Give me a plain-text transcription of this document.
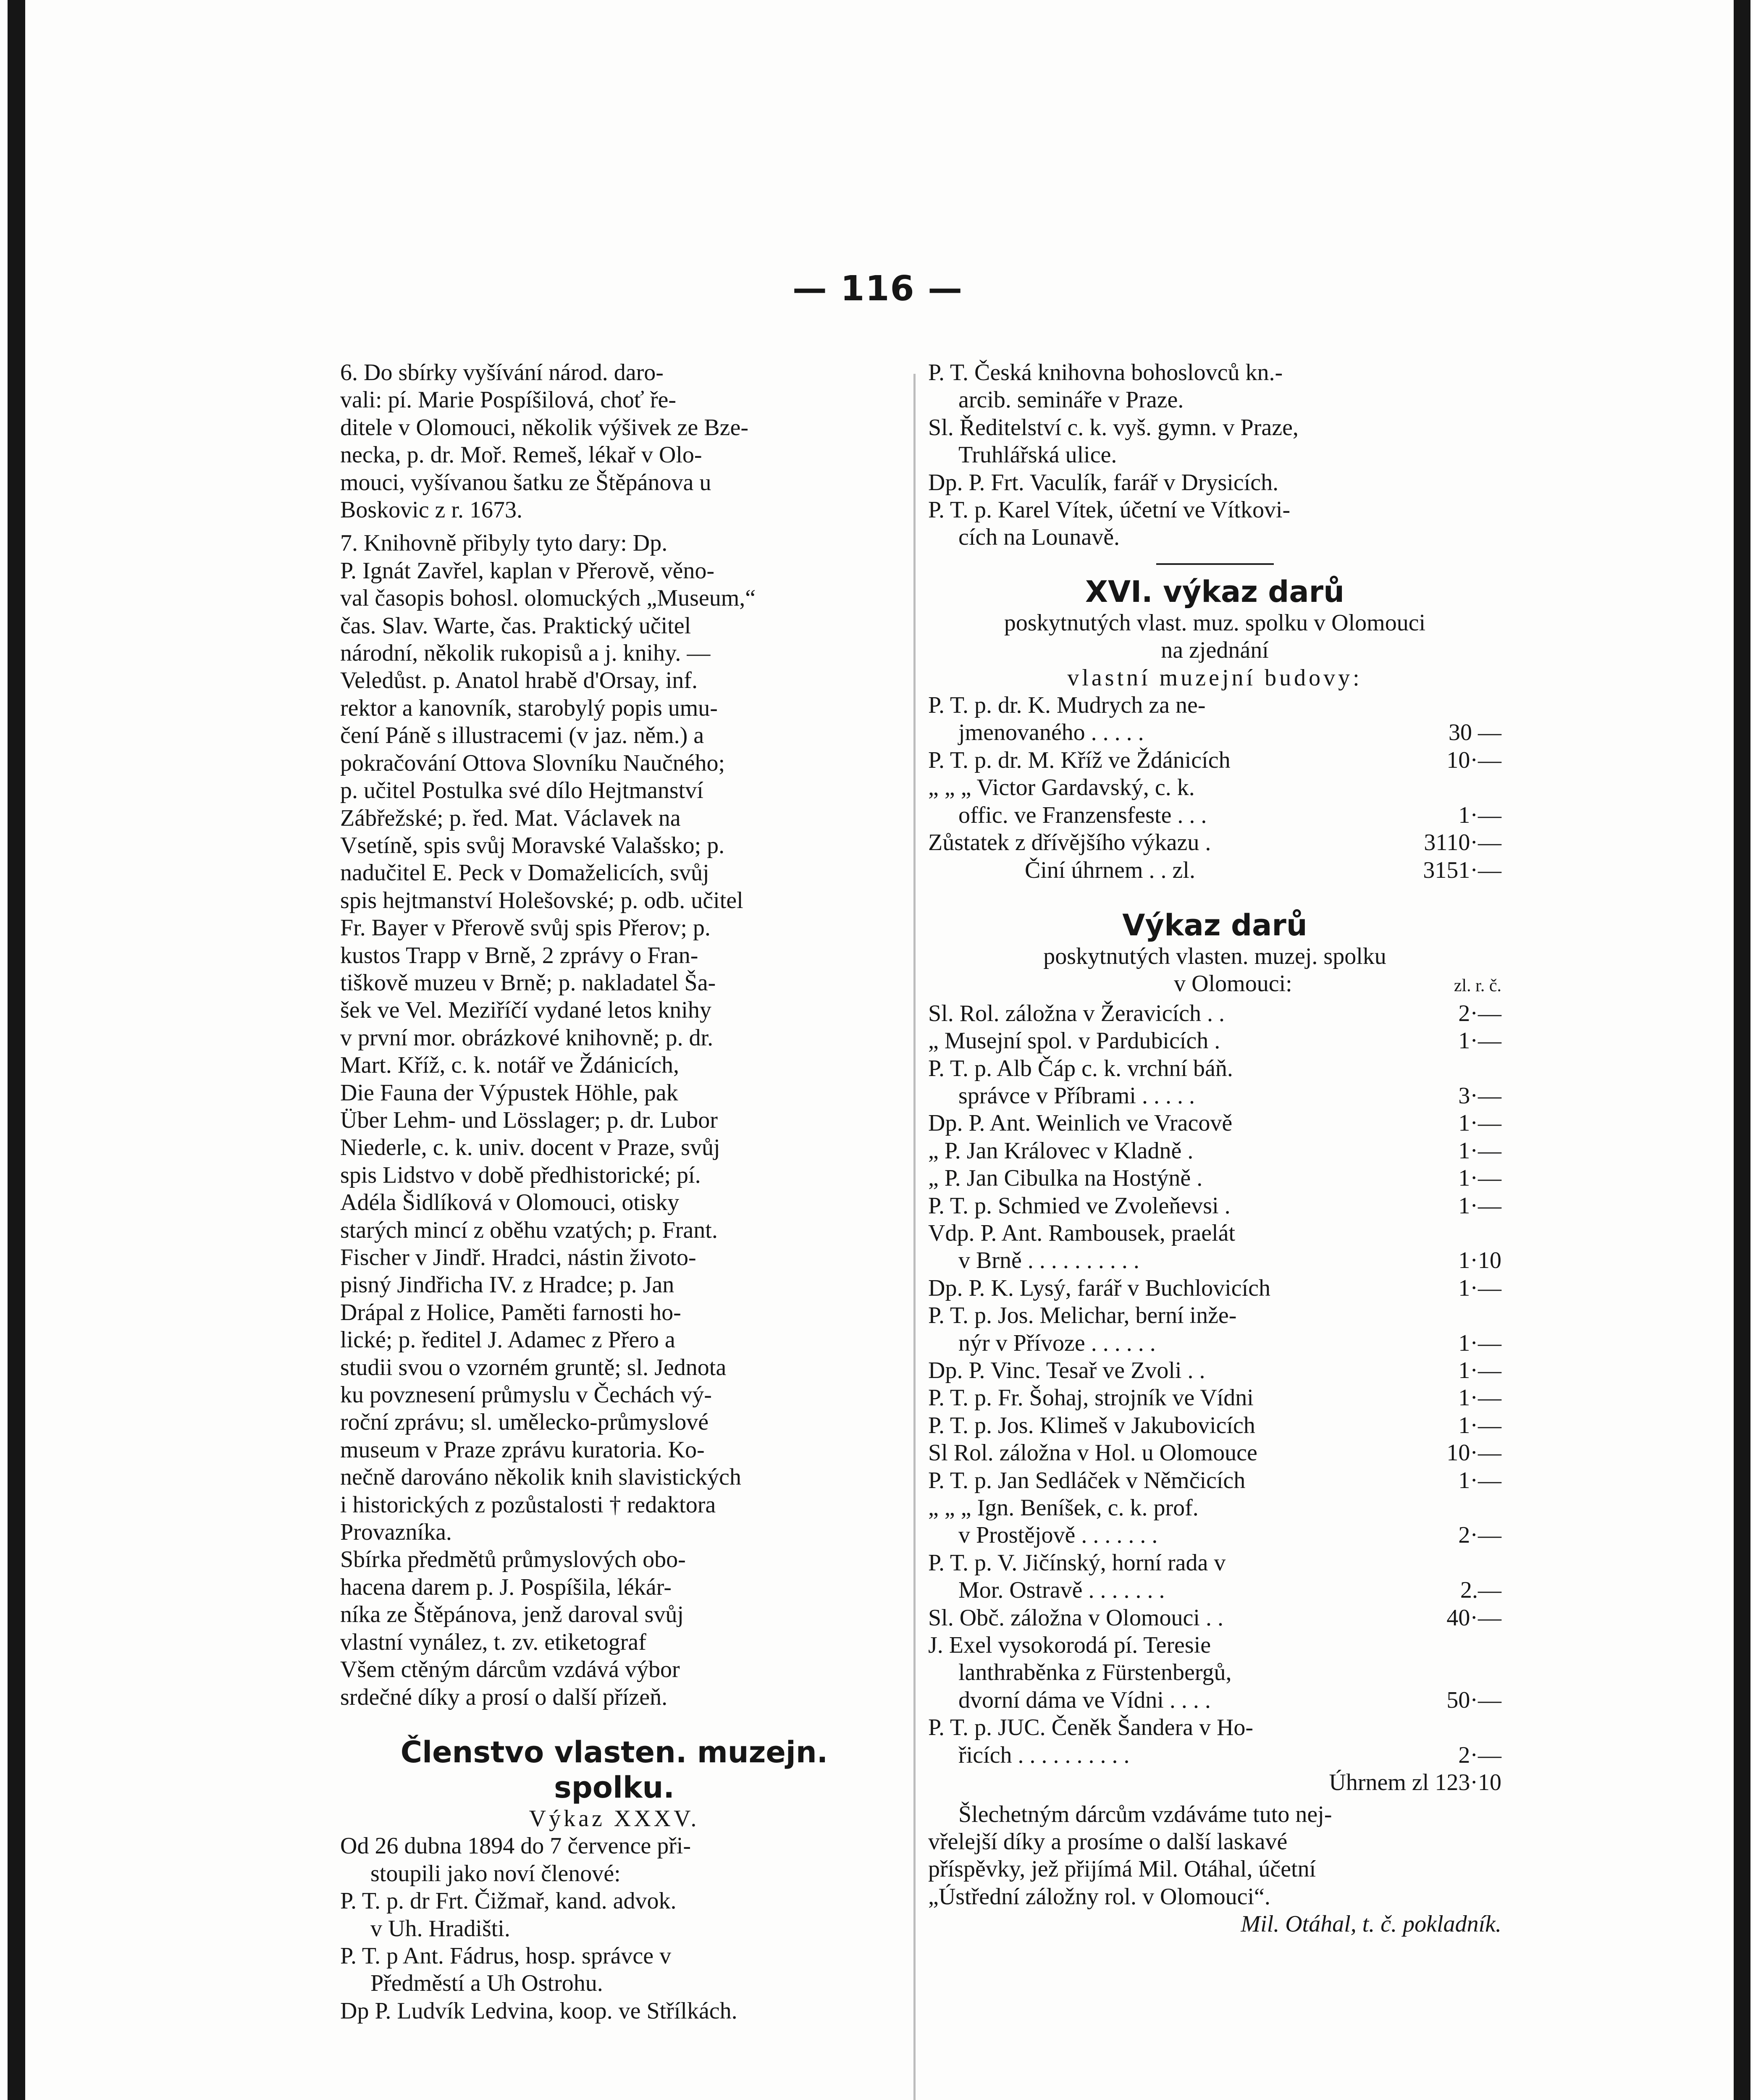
— 116 —
6. Do sbírky vyšívání národ. daro-
vali: pí. Marie Pospíšilová, choť ře-
ditele v Olomouci, několik výšivek ze Bze-
necka, p. dr. Moř. Remeš, lékař v Olo-
mouci, vyšívanou šatku ze Štěpánova u
Boskovic z r. 1673.
7. Knihovně přibyly tyto dary: Dp.
P. Ignát Zavřel, kaplan v Přerově, věno-
val časopis bohosl. olomuckých „Museum,“
čas. Slav. Warte, čas. Praktický učitel
národní, několik rukopisů a j. knihy. —
Veledůst. p. Anatol hrabě d'Orsay, inf.
rektor a kanovník, starobylý popis umu-
čení Páně s illustracemi (v jaz. něm.) a
pokračování Ottova Slovníku Naučného;
p. učitel Postulka své dílo Hejtmanství
Zábřežské; p. řed. Mat. Václavek na
Vsetíně, spis svůj Moravské Valašsko; p.
nadučitel E. Peck v Domaželicích, svůj
spis hejtmanství Holešovské; p. odb. učitel
Fr. Bayer v Přerově svůj spis Přerov; p.
kustos Trapp v Brně, 2 zprávy o Fran-
tiškově muzeu v Brně; p. nakladatel Ša-
šek ve Vel. Meziříčí vydané letos knihy
v první mor. obrázkové knihovně; p. dr.
Mart. Kříž, c. k. notář ve Ždánicích,
Die Fauna der Výpustek Höhle, pak
Über Lehm- und Lösslager; p. dr. Lubor
Niederle, c. k. univ. docent v Praze, svůj
spis Lidstvo v době předhistorické; pí.
Adéla Šidlíková v Olomouci, otisky
starých mincí z oběhu vzatých; p. Frant.
Fischer v Jindř. Hradci, nástin životo-
pisný Jindřicha IV. z Hradce; p. Jan
Drápal z Holice, Paměti farnosti ho-
lické; p. ředitel J. Adamec z Přero a
studii svou o vzorném gruntě; sl. Jednota
ku povznesení průmyslu v Čechách vý-
roční zprávu; sl. umělecko-průmyslové
museum v Praze zprávu kuratoria. Ko-
nečně darováno několik knih slavistických
i historických z pozůstalosti † redaktora
Provazníka.
Sbírka předmětů průmyslových obo-
hacena darem p. J. Pospíšila, lékár-
níka ze Štěpánova, jenž daroval svůj
vlastní vynález, t. zv. etiketograf
Všem ctěným dárcům vzdává výbor
srdečné díky a prosí o další přízeň.
Členstvo vlasten. muzejn. spolku.
Výkaz XXXV.
Od 26 dubna 1894 do 7 července při-
stoupili jako noví členové:
P. T. p. dr Frt. Čižmař, kand. advok.
v Uh. Hradišti.
P. T. p Ant. Fádrus, hosp. správce v
Předměstí a Uh Ostrohu.
Dp P. Ludvík Ledvina, koop. ve Střílkách.
P. T. Česká knihovna bohoslovců kn.-
arcib. semináře v Praze.
Sl. Ředitelství c. k. vyš. gymn. v Praze,
Truhlářská ulice.
Dp. P. Frt. Vaculík, farář v Drysicích.
P. T. p. Karel Vítek, účetní ve Vítkovi-
cích na Lounavě.
XVI. výkaz darů
poskytnutých vlast. muz. spolku v Olomouci
na zjednání
vlastní muzejní budovy:
P. T. p. dr. K. Mudrych za ne-
jmenovaného . . . . .	30 —
P. T. p. dr. M. Kříž ve Ždánicích	10·—
„ „ „ Victor Gardavský, c. k.
offic. ve Franzensfeste . . .	1·—
Zůstatek z dřívějšího výkazu .	3110·—
Činí úhrnem . . zl.	3151·—
Výkaz darů
poskytnutých vlasten. muzej. spolku
v Olomouci:	zl. r. č.
Sl. Rol. záložna v Žeravicích . .	2·—
„ Musejní spol. v Pardubicích .	1·—
P. T. p. Alb Čáp c. k. vrchní báň.
správce v Příbrami . . . . .	3·—
Dp. P. Ant. Weinlich ve Vracově	1·—
„ P. Jan Královec v Kladně .	1·—
„ P. Jan Cibulka na Hostýně .	1·—
P. T. p. Schmied ve Zvoleňevsi .	1·—
Vdp. P. Ant. Rambousek, praelát
v Brně . . . . . . . . . .	1·10
Dp. P. K. Lysý, farář v Buchlovicích	1·—
P. T. p. Jos. Melichar, berní inže-
nýr v Přívoze . . . . . .	1·—
Dp. P. Vinc. Tesař ve Zvoli . .	1·—
P. T. p. Fr. Šohaj, strojník ve Vídni	1·—
P. T. p. Jos. Klimeš v Jakubovicích	1·—
Sl Rol. záložna v Hol. u Olomouce	10·—
P. T. p. Jan Sedláček v Němčicích	1·—
„ „ „ Ign. Beníšek, c. k. prof.
v Prostějově . . . . . . .	2·—
P. T. p. V. Jičínský, horní rada v
Mor. Ostravě . . . . . . .	2.—
Sl. Obč. záložna v Olomouci . .	40·—
J. Exel vysokorodá pí. Teresie
lanthraběnka z Fürstenbergů,
dvorní dáma ve Vídni . . . .	50·—
P. T. p. JUC. Čeněk Šandera v Ho-
řicích . . . . . . . . . .	2·—
Úhrnem zl 123·10
Šlechetným dárcům vzdáváme tuto nej-
vřelejší díky a prosíme o další laskavé
příspěvky, jež přijímá Mil. Otáhal, účetní
„Ústřední záložny rol. v Olomouci“.
Mil. Otáhal, t. č. pokladník.
